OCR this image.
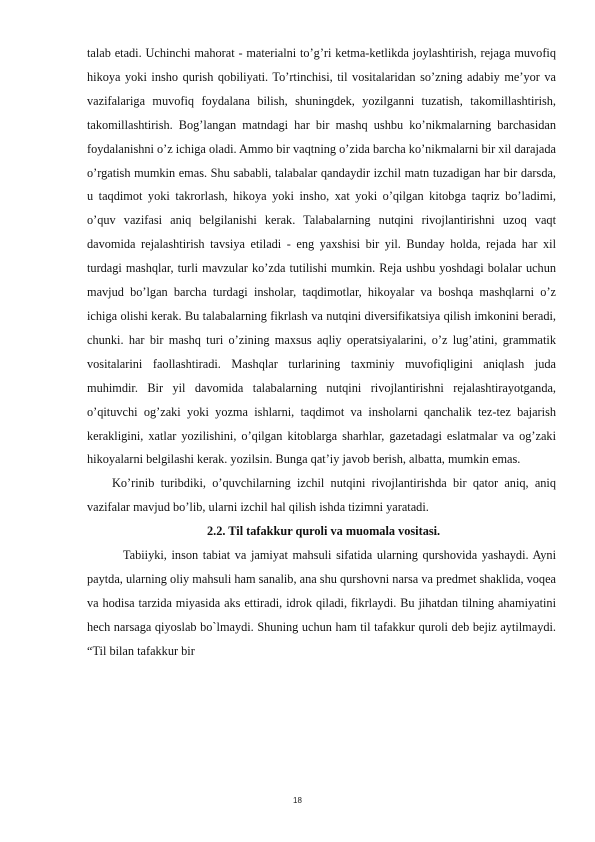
talab etadi. Uchinchi mahorat - materialni to’g’ri ketma-ketlikda joylashtirish, rejaga muvofiq hikoya yoki insho qurish qobiliyati. To’rtinchisi, til vositalaridan so’zning adabiy me’yor va vazifalariga muvofiq foydalana bilish, shuningdek, yozilganni tuzatish, takomillashtirish, takomillashtirish. Bog’langan matndagi har bir mashq ushbu ko’nikmalarning barchasidan foydalanishni o’z ichiga oladi. Ammo bir vaqtning o’zida barcha ko’nikmalarni bir xil darajada o’rgatish mumkin emas. Shu sababli, talabalar qandaydir izchil matn tuzadigan har bir darsda, u taqdimot yoki takrorlash, hikoya yoki insho, xat yoki o’qilgan kitobga taqriz bo’ladimi, o’quv vazifasi aniq belgilanishi kerak. Talabalarning nutqini rivojlantirishni uzoq vaqt davomida rejalashtirish tavsiya etiladi - eng yaxshisi bir yil. Bunday holda, rejada har xil turdagi mashqlar, turli mavzular ko’zda tutilishi mumkin. Reja ushbu yoshdagi bolalar uchun mavjud bo’lgan barcha turdagi insholar, taqdimotlar, hikoyalar va boshqa mashqlarni o’z ichiga olishi kerak. Bu talabalarning fikrlash va nutqini diversifikatsiya qilish imkonini beradi, chunki. har bir mashq turi o’zining maxsus aqliy operatsiyalarini, o’z lug’atini, grammatik vositalarini faollashtiradi. Mashqlar turlarining taxminiy muvofiqligini aniqlash juda muhimdir. Bir yil davomida talabalarning nutqini rivojlantirishni rejalashtirayotganda, o’qituvchi og’zaki yoki yozma ishlarni, taqdimot va insholarni qanchalik tez-tez bajarish kerakligini, xatlar yozilishini, o’qilgan kitoblarga sharhlar, gazetadagi eslatmalar va og’zaki hikoyalarni belgilashi kerak. yozilsin. Bunga qat’iy javob berish, albatta, mumkin emas.

Ko’rinib turibdiki, o’quvchilarning izchil nutqini rivojlantirishda bir qator aniq, aniq vazifalar mavjud bo’lib, ularni izchil hal qilish ishda tizimni yaratadi.

2.2. Til tafakkur quroli va muomala vositasi.

Tabiiyki, inson tabiat va jamiyat mahsuli sifatida ularning qurshovida yashaydi. Ayni paytda, ularning oliy mahsuli ham sanalib, ana shu qurshovni narsa va predmet shaklida, voqea va hodisa tarzida miyasida aks ettiradi, idrok qiladi, fikrlaydi. Bu jihatdan tilning ahamiyatini hech narsaga qiyoslab bo`lmaydi. Shuning uchun ham til tafakkur quroli deb bejiz aytilmaydi. “Til bilan tafakkur bir

18
